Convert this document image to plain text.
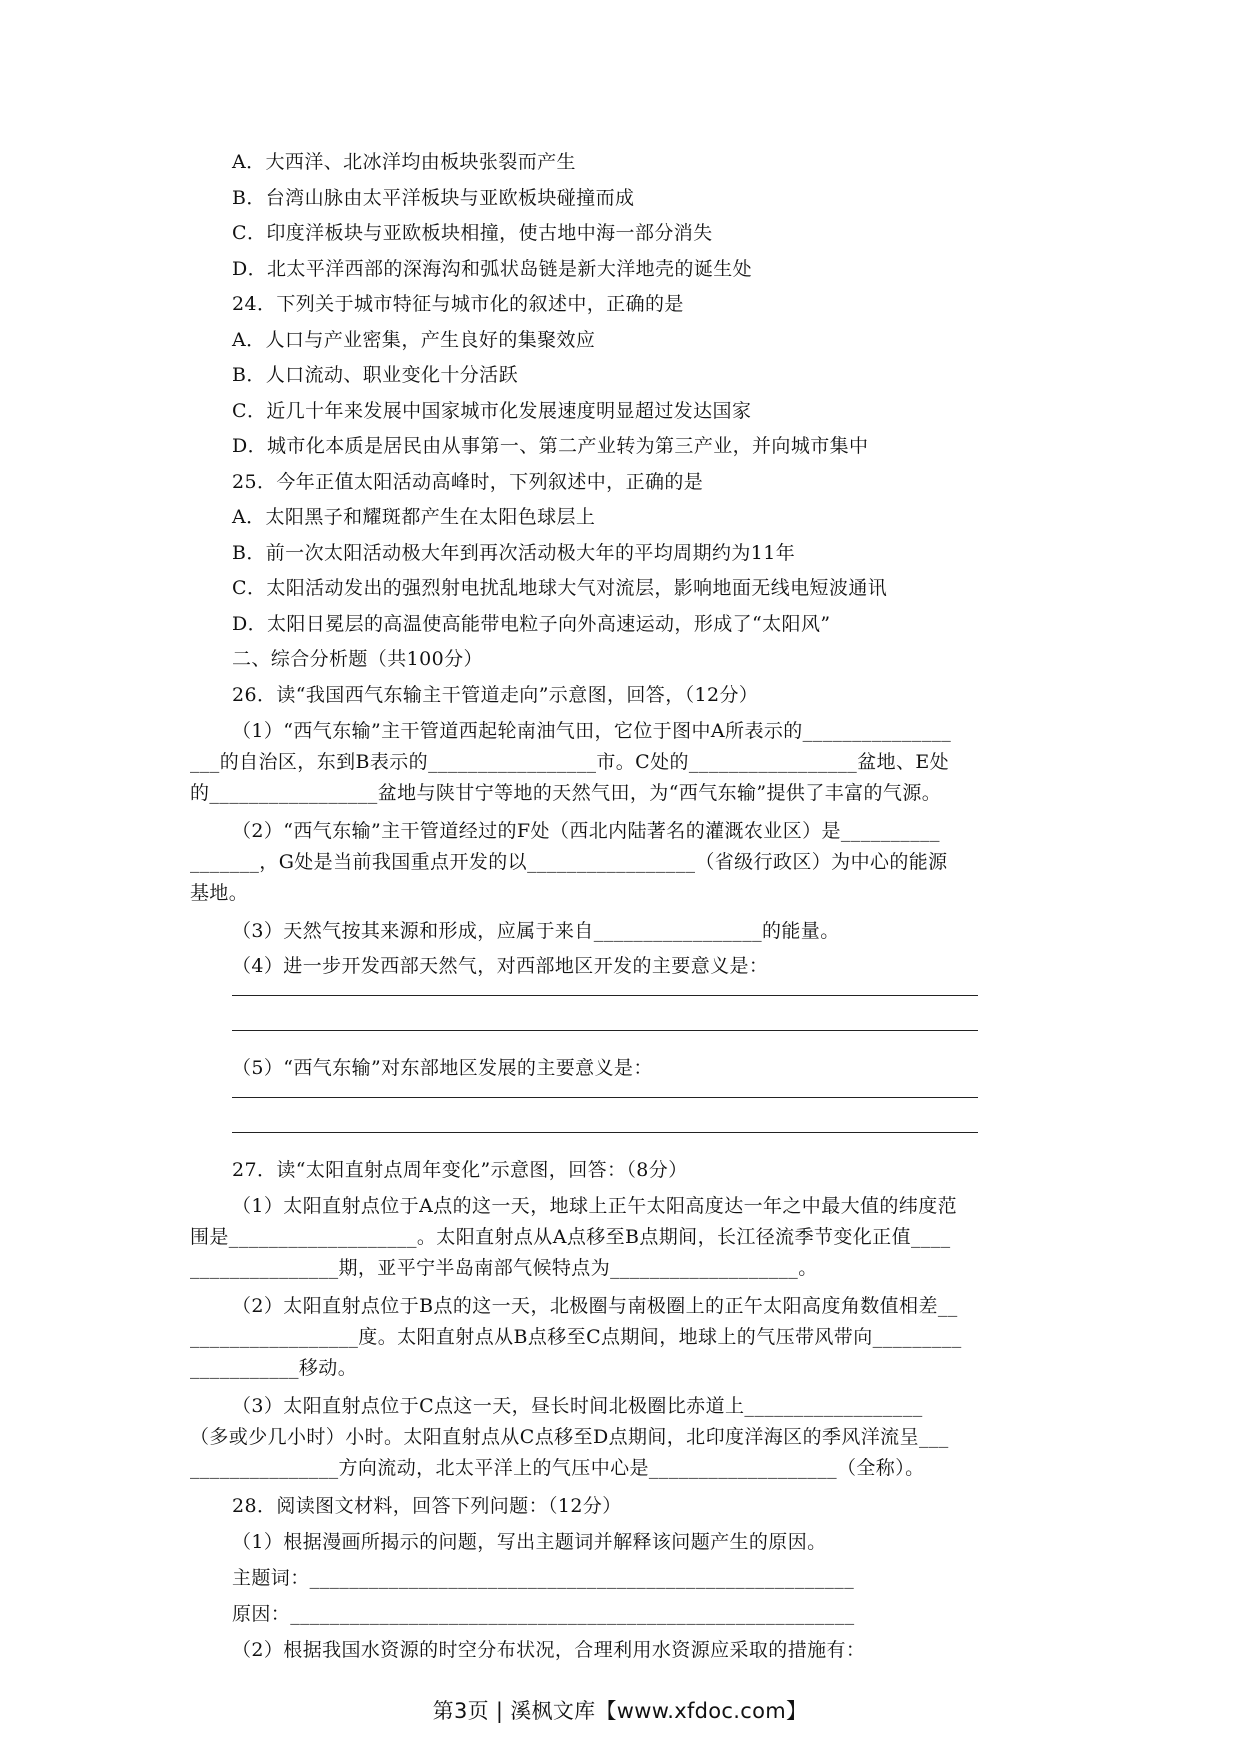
A．大西洋、北冰洋均由板块张裂而产生
B．台湾山脉由太平洋板块与亚欧板块碰撞而成
C．印度洋板块与亚欧板块相撞，使古地中海一部分消失
D．北太平洋西部的深海沟和弧状岛链是新大洋地壳的诞生处
24．下列关于城市特征与城市化的叙述中，正确的是
A．人口与产业密集，产生良好的集聚效应
B．人口流动、职业变化十分活跃
C．近几十年来发展中国家城市化发展速度明显超过发达国家
D．城市化本质是居民由从事第一、第二产业转为第三产业，并向城市集中
25．今年正值太阳活动高峰时，下列叙述中，正确的是
A．太阳黑子和耀斑都产生在太阳色球层上
B．前一次太阳活动极大年到再次活动极大年的平均周期约为11年
C．太阳活动发出的强烈射电扰乱地球大气对流层，影响地面无线电短波通讯
D．太阳日冕层的高温使高能带电粒子向外高速运动，形成了“太阳风”
二、综合分析题（共100分）
26．读“我国西气东输主干管道走向”示意图，回答，（12分）
（1）“西气东输”主干管道西起轮南油气田，它位于图中A所表示的_______________
___的自治区，东到B表示的_________________市。C处的_________________盆地、E处
的_________________盆地与陕甘宁等地的天然气田，为“西气东输”提供了丰富的气源。
（2）“西气东输”主干管道经过的F处（西北内陆著名的灌溉农业区）是__________
_______，G处是当前我国重点开发的以_________________（省级行政区）为中心的能源
基地。
（3）天然气按其来源和形成，应属于来自_________________的能量。
（4）进一步开发西部天然气，对西部地区开发的主要意义是：
（5）“西气东输”对东部地区发展的主要意义是：
27．读“太阳直射点周年变化”示意图，回答：（8分）
（1）太阳直射点位于A点的这一天，地球上正午太阳高度达一年之中最大值的纬度范
围是___________________。太阳直射点从A点移至B点期间，长江径流季节变化正值____
_______________期，亚平宁半岛南部气候特点为___________________。
（2）太阳直射点位于B点的这一天，北极圈与南极圈上的正午太阳高度角数值相差__
_________________度。太阳直射点从B点移至C点期间，地球上的气压带风带向_________
___________移动。
（3）太阳直射点位于C点这一天，昼长时间北极圈比赤道上__________________
（多或少几小时）小时。太阳直射点从C点移至D点期间，北印度洋海区的季风洋流呈___
_______________方向流动，北太平洋上的气压中心是___________________（全称）。
28．阅读图文材料，回答下列问题：（12分）
（1）根据漫画所揭示的问题，写出主题词并解释该问题产生的原因。
主题词：_______________________________________________________
原因：_________________________________________________________
（2）根据我国水资源的时空分布状况，合理利用水资源应采取的措施有：
第3页 | 溪枫文库【www.xfdoc.com】
